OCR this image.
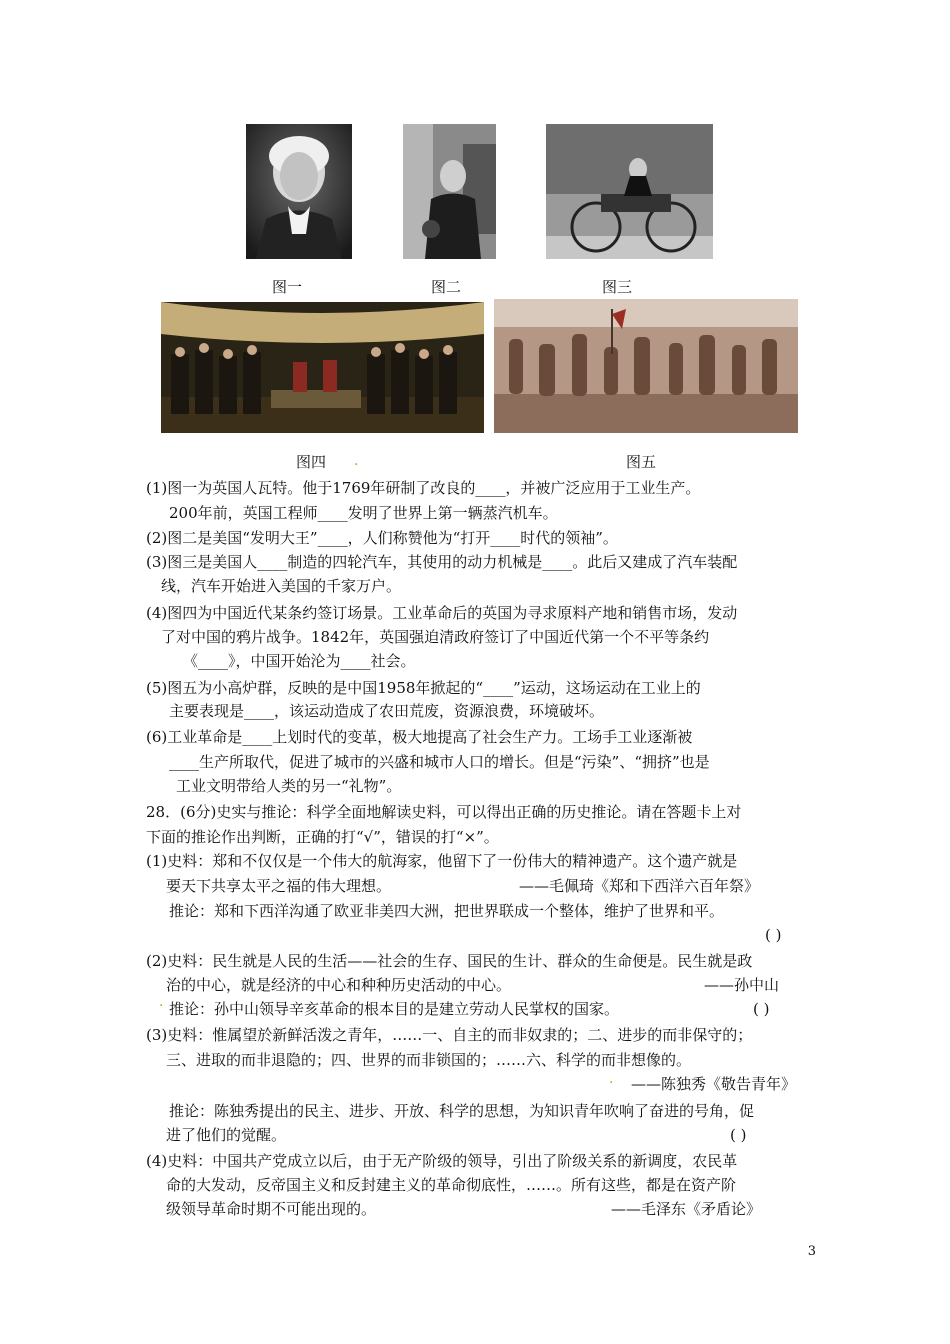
图一	图二	图三
图四	.	图五
(1)图一为英国人瓦特。他于1769年研制了改良的____，并被广泛应用于工业生产。
200年前，英国工程师____发明了世界上第一辆蒸汽机车。
(2)图二是美国“发明大王”____，人们称赞他为“打开____时代的领袖”。
(3)图三是美国人____制造的四轮汽车，其使用的动力机械是____。此后又建成了汽车装配
线，汽车开始进入美国的千家万户。
(4)图四为中国近代某条约签订场景。工业革命后的英国为寻求原料产地和销售市场，发动
了对中国的鸦片战争。1842年，英国强迫清政府签订了中国近代第一个不平等条约
《____》，中国开始沦为____社会。
(5)图五为小高炉群，反映的是中国1958年掀起的“____”运动，这场运动在工业上的
主要表现是____，该运动造成了农田荒废，资源浪费，环境破坏。
(6)工业革命是____上划时代的变革，极大地提高了社会生产力。工场手工业逐渐被
____生产所取代，促进了城市的兴盛和城市人口的增长。但是“污染”、“拥挤”也是
工业文明带给人类的另一“礼物”。
28．(6分)史实与推论：科学全面地解读史料，可以得出正确的历史推论。请在答题卡上对
下面的推论作出判断，正确的打“√”，错误的打“×”。
(1)史料：郑和不仅仅是一个伟大的航海家，他留下了一份伟大的精神遗产。这个遗产就是
要天下共享太平之福的伟大理想。	——毛佩琦《郑和下西洋六百年祭》
推论：郑和下西洋沟通了欧亚非美四大洲，把世界联成一个整体，维护了世界和平。
( )
(2)史料：民生就是人民的生活——社会的生存、国民的生计、群众的生命便是。民生就是政
治的中心，就是经济的中心和种种历史活动的中心。	——孙中山
. 推论：孙中山领导辛亥革命的根本目的是建立劳动人民掌权的国家。	( )
(3)史料：惟属望於新鲜活泼之青年，……一、自主的而非奴隶的；二、进步的而非保守的；
三、进取的而非退隐的；四、世界的而非锁国的；……六、科学的而非想像的。
. ——陈独秀《敬告青年》
推论：陈独秀提出的民主、进步、开放、科学的思想，为知识青年吹响了奋进的号角，促
进了他们的觉醒。	( )
(4)史料：中国共产党成立以后，由于无产阶级的领导，引出了阶级关系的新调度，农民革
命的大发动，反帝国主义和反封建主义的革命彻底性，……。所有这些，都是在资产阶
级领导革命时期不可能出现的。	——毛泽东《矛盾论》
3
